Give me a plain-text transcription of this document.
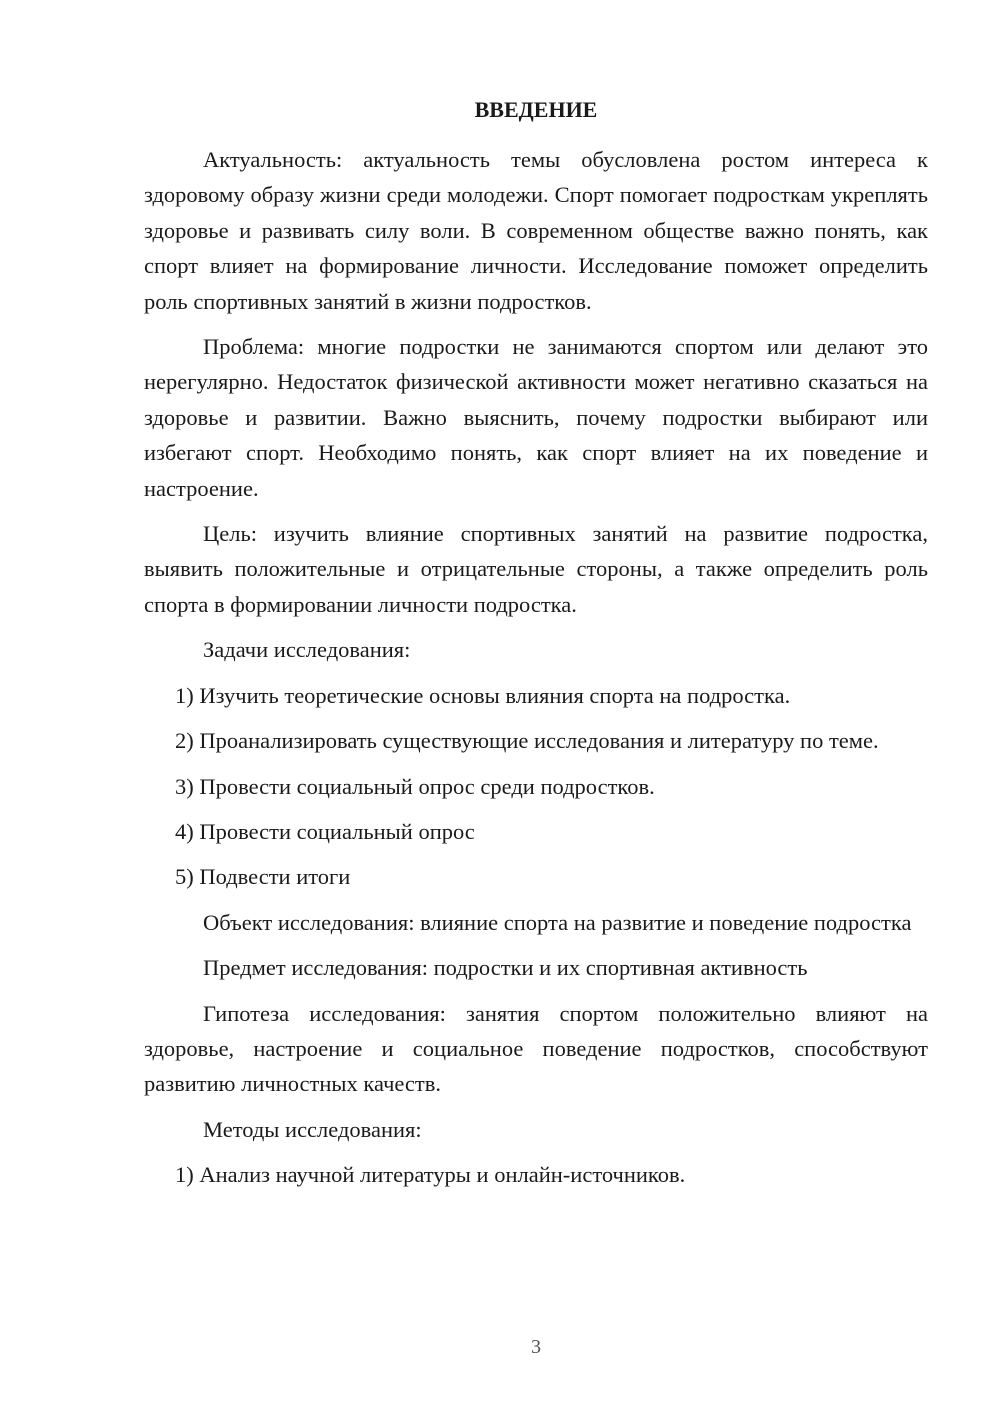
ВВЕДЕНИЕ

Актуальность: актуальность темы обусловлена ростом интереса к здоровому образу жизни среди молодежи. Спорт помогает подросткам укреплять здоровье и развивать силу воли. В современном обществе важно понять, как спорт влияет на формирование личности. Исследование поможет определить роль спортивных занятий в жизни подростков.

Проблема: многие подростки не занимаются спортом или делают это нерегулярно. Недостаток физической активности может негативно сказаться на здоровье и развитии. Важно выяснить, почему подростки выбирают или избегают спорт. Необходимо понять, как спорт влияет на их поведение и настроение.

Цель: изучить влияние спортивных занятий на развитие подростка, выявить положительные и отрицательные стороны, а также определить роль спорта в формировании личности подростка.

Задачи исследования:

1) Изучить теоретические основы влияния спорта на подростка.

2) Проанализировать существующие исследования и литературу по теме.

3) Провести социальный опрос среди подростков.

4) Провести социальный опрос

5) Подвести итоги

Объект исследования: влияние спорта на развитие и поведение подростка

Предмет исследования: подростки и их спортивная активность

Гипотеза исследования: занятия спортом положительно влияют на здоровье, настроение и социальное поведение подростков, способствуют развитию личностных качеств.

Методы исследования:

1) Анализ научной литературы и онлайн-источников.

3
